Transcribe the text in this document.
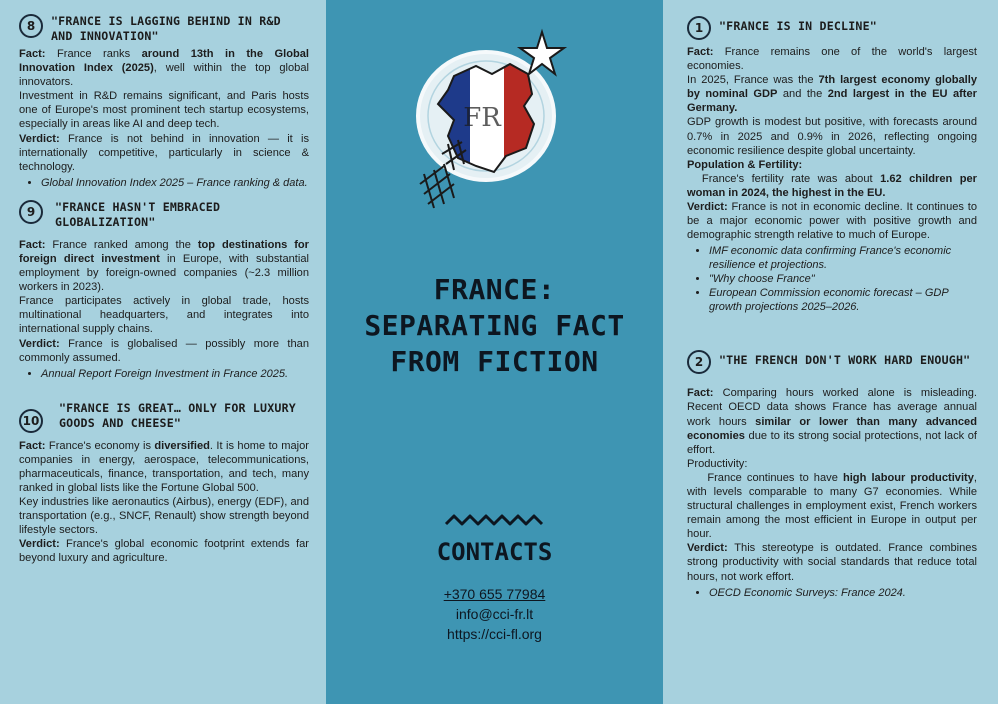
8	"FRANCE IS LAGGING BEHIND IN R&D AND INNOVATION"

Fact: France ranks around 13th in the Global Innovation Index (2025), well within the top global innovators.

Investment in R&D remains significant, and Paris hosts one of Europe's most prominent tech startup ecosystems, especially in areas like AI and deep tech.

Verdict: France is not behind in innovation — it is internationally competitive, particularly in science & technology.

• Global Innovation Index 2025 – France ranking & data.
9	"FRANCE HASN'T EMBRACED GLOBALIZATION"

Fact: France ranked among the top destinations for foreign direct investment in Europe, with substantial employment by foreign-owned companies (~2.3 million workers in 2023).

France participates actively in global trade, hosts multinational headquarters, and integrates into international supply chains.

Verdict: France is globalised — possibly more than commonly assumed.

• Annual Report Foreign Investment in France 2025.
10
"FRANCE IS GREAT… ONLY FOR LUXURY GOODS AND CHEESE"

Fact: France's economy is diversified. It is home to major companies in energy, aerospace, telecommunications, pharmaceuticals, finance, transportation, and tech, many ranked in global lists like the Fortune Global 500.

Key industries like aeronautics (Airbus), energy (EDF), and transportation (e.g., SNCF, Renault) show strength beyond lifestyle sectors.

Verdict: France's global economic footprint extends far beyond luxury and agriculture.

FR
FRANCE:
SEPARATING FACT
FROM FICTION
CONTACTS
+370 655 77984
info@cci-fr.lt
https://cci-fl.org
1	"FRANCE IS IN DECLINE"

Fact: France remains one of the world's largest economies.

In 2025, France was the 7th largest economy globally by nominal GDP and the 2nd largest in the EU after Germany.

GDP growth is modest but positive, with forecasts around 0.7% in 2025 and 0.9% in 2026, reflecting ongoing economic resilience despite global uncertainty.

Population & Fertility:

France's fertility rate was about 1.62 children per woman in 2024, the highest in the EU.

Verdict: France is not in economic decline. It continues to be a major economic power with positive growth and demographic strength relative to much of Europe.

• IMF economic data confirming France's economic resilience et projections.
• "Why choose France"
• European Commission economic forecast – GDP growth projections 2025–2026.
2	"THE FRENCH DON'T WORK HARD ENOUGH"

Fact: Comparing hours worked alone is misleading. Recent OECD data shows France has average annual work hours similar or lower than many advanced economies due to its strong social protections, not lack of effort.

Productivity:

France continues to have high labour productivity, with levels comparable to many G7 economies. While structural challenges in employment exist, French workers remain among the most efficient in Europe in output per hour.

Verdict: This stereotype is outdated. France combines strong productivity with social standards that reduce total hours, not work effort.

• OECD Economic Surveys: France 2024.
